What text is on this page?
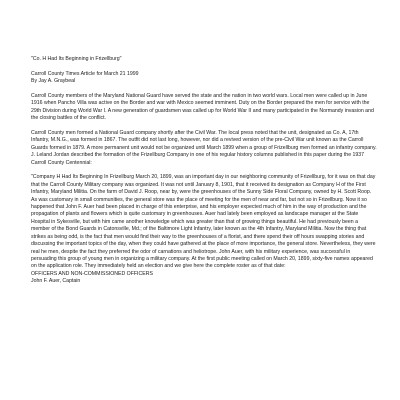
"Co. H Had Its Beginning in Frizellburg"
Carroll County Times Article for March 21 1999
By Jay A. Graybeal

Carroll County members of the Maryland National Guard have served the state and the nation in two world wars. Local men were called up in June 1916 when Pancho Villa was active on the Border and war with Mexico seemed imminent. Duty on the Border prepared the men for service with the 29th Division during World War I. A new generation of guardsmen was called up for World War II and many participated in the Normandy invasion and the closing battles of the conflict.

Carroll County men formed a National Guard company shortly after the Civil War. The local press noted that the unit, designated as Co. A, 17th Infantry, M.N.G., was formed in 1867. The outfit did not last long, however, nor did a revived version of the pre-Civil War unit known as the Carroll Guards formed in 1879. A more permanent unit would not be organized until March 1899 when a group of Frizellburg men formed an infantry company. J. Leland Jordan described the formation of the Frizellburg Company in one of his regular history columns published in this paper during the 1937 Carroll County Centennial:

"Company H Had Its Beginning In Frizellburg March 20, 1899, was an important day in our neighboring community of Frizellburg, for it was on that day that the Carroll County Military company was organized. It was not until January 8, 1901, that it received its designation as Company H of the First Infantry, Maryland Militia. On the farm of David J. Roop, near by, were the greenhouses of the Sunny Side Floral Company, owned by H. Scott Roop. As was customary in small communities, the general store was the place of meeting for the men of near and far, but not so in Frizellburg. Now it so happened that John F. Auer had been placed in charge of this enterprise, and his employer expected much of him in the way of production and the propagation of plants and flowers which is quite customary in greenhouses. Auer had lately been employed as landscape manager at the State Hospital in Sykesville, but with him came another knowledge which was greater than that of growing things beautiful. He had previously been a member of the Bond Guards in Catonsville, Md.; of the Baltimore Light Infantry, later known as the 4th Infantry, Maryland Militia. Now the thing that strikes as being odd, is the fact that men would find their way to the greenhouses of a florist, and there spend their off hours swapping stories and discussing the important topics of the day, when they could have gathered at the place of more importance, the general store. Nevertheless, they were real he men, despite the fact they preferred the odor of carnations and heliotrope. John Auer, with his military experience, was successful in persuading this group of young men in organizing a military company. At the first public meeting called on March 20, 1899, sixty-five names appeared on the application role. They immediately held an election and we give here the complete roster as of that date:

OFFICERS AND NON-COMMISSIONED OFFICERS
John F. Auer, Captain
